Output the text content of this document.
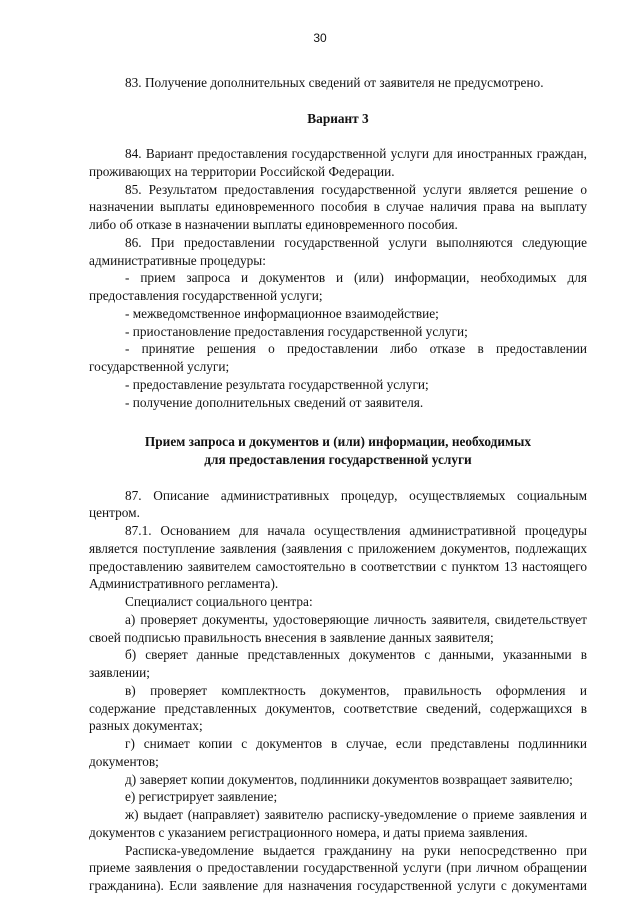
30

83. Получение дополнительных сведений от заявителя не предусмотрено.

Вариант 3

84. Вариант предоставления государственной услуги для иностранных граждан, проживающих на территории Российской Федерации.

85. Результатом предоставления государственной услуги является решение о назначении выплаты единовременного пособия в случае наличия права на выплату либо об отказе в назначении выплаты единовременного пособия.

86. При предоставлении государственной услуги выполняются следующие административные процедуры:

- прием запроса и документов и (или) информации, необходимых для предоставления государственной услуги;

- межведомственное информационное взаимодействие;

- приостановление предоставления государственной услуги;

- принятие решения о предоставлении либо отказе в предоставлении государственной услуги;

- предоставление результата государственной услуги;

- получение дополнительных сведений от заявителя.

Прием запроса и документов и (или) информации, необходимых
для предоставления государственной услуги

87. Описание административных процедур, осуществляемых социальным центром.

87.1. Основанием для начала осуществления административной процедуры является поступление заявления (заявления с приложением документов, подлежащих предоставлению заявителем самостоятельно в соответствии с пунктом 13 настоящего Административного регламента).

Специалист социального центра:

а) проверяет документы, удостоверяющие личность заявителя, свидетельствует своей подписью правильность внесения в заявление данных заявителя;

б) сверяет данные представленных документов с данными, указанными в заявлении;

в) проверяет комплектность документов, правильность оформления и содержание представленных документов, соответствие сведений, содержащихся в разных документах;

г) снимает копии с документов в случае, если представлены подлинники документов;

д) заверяет копии документов, подлинники документов возвращает заявителю;

е) регистрирует заявление;

ж) выдает (направляет) заявителю расписку-уведомление о приеме заявления и документов с указанием регистрационного номера, и даты приема заявления.

Расписка-уведомление выдается гражданину на руки непосредственно при приеме заявления о предоставлении государственной услуги (при личном обращении гражданина). Если заявление для назначения государственной услуги с документами
